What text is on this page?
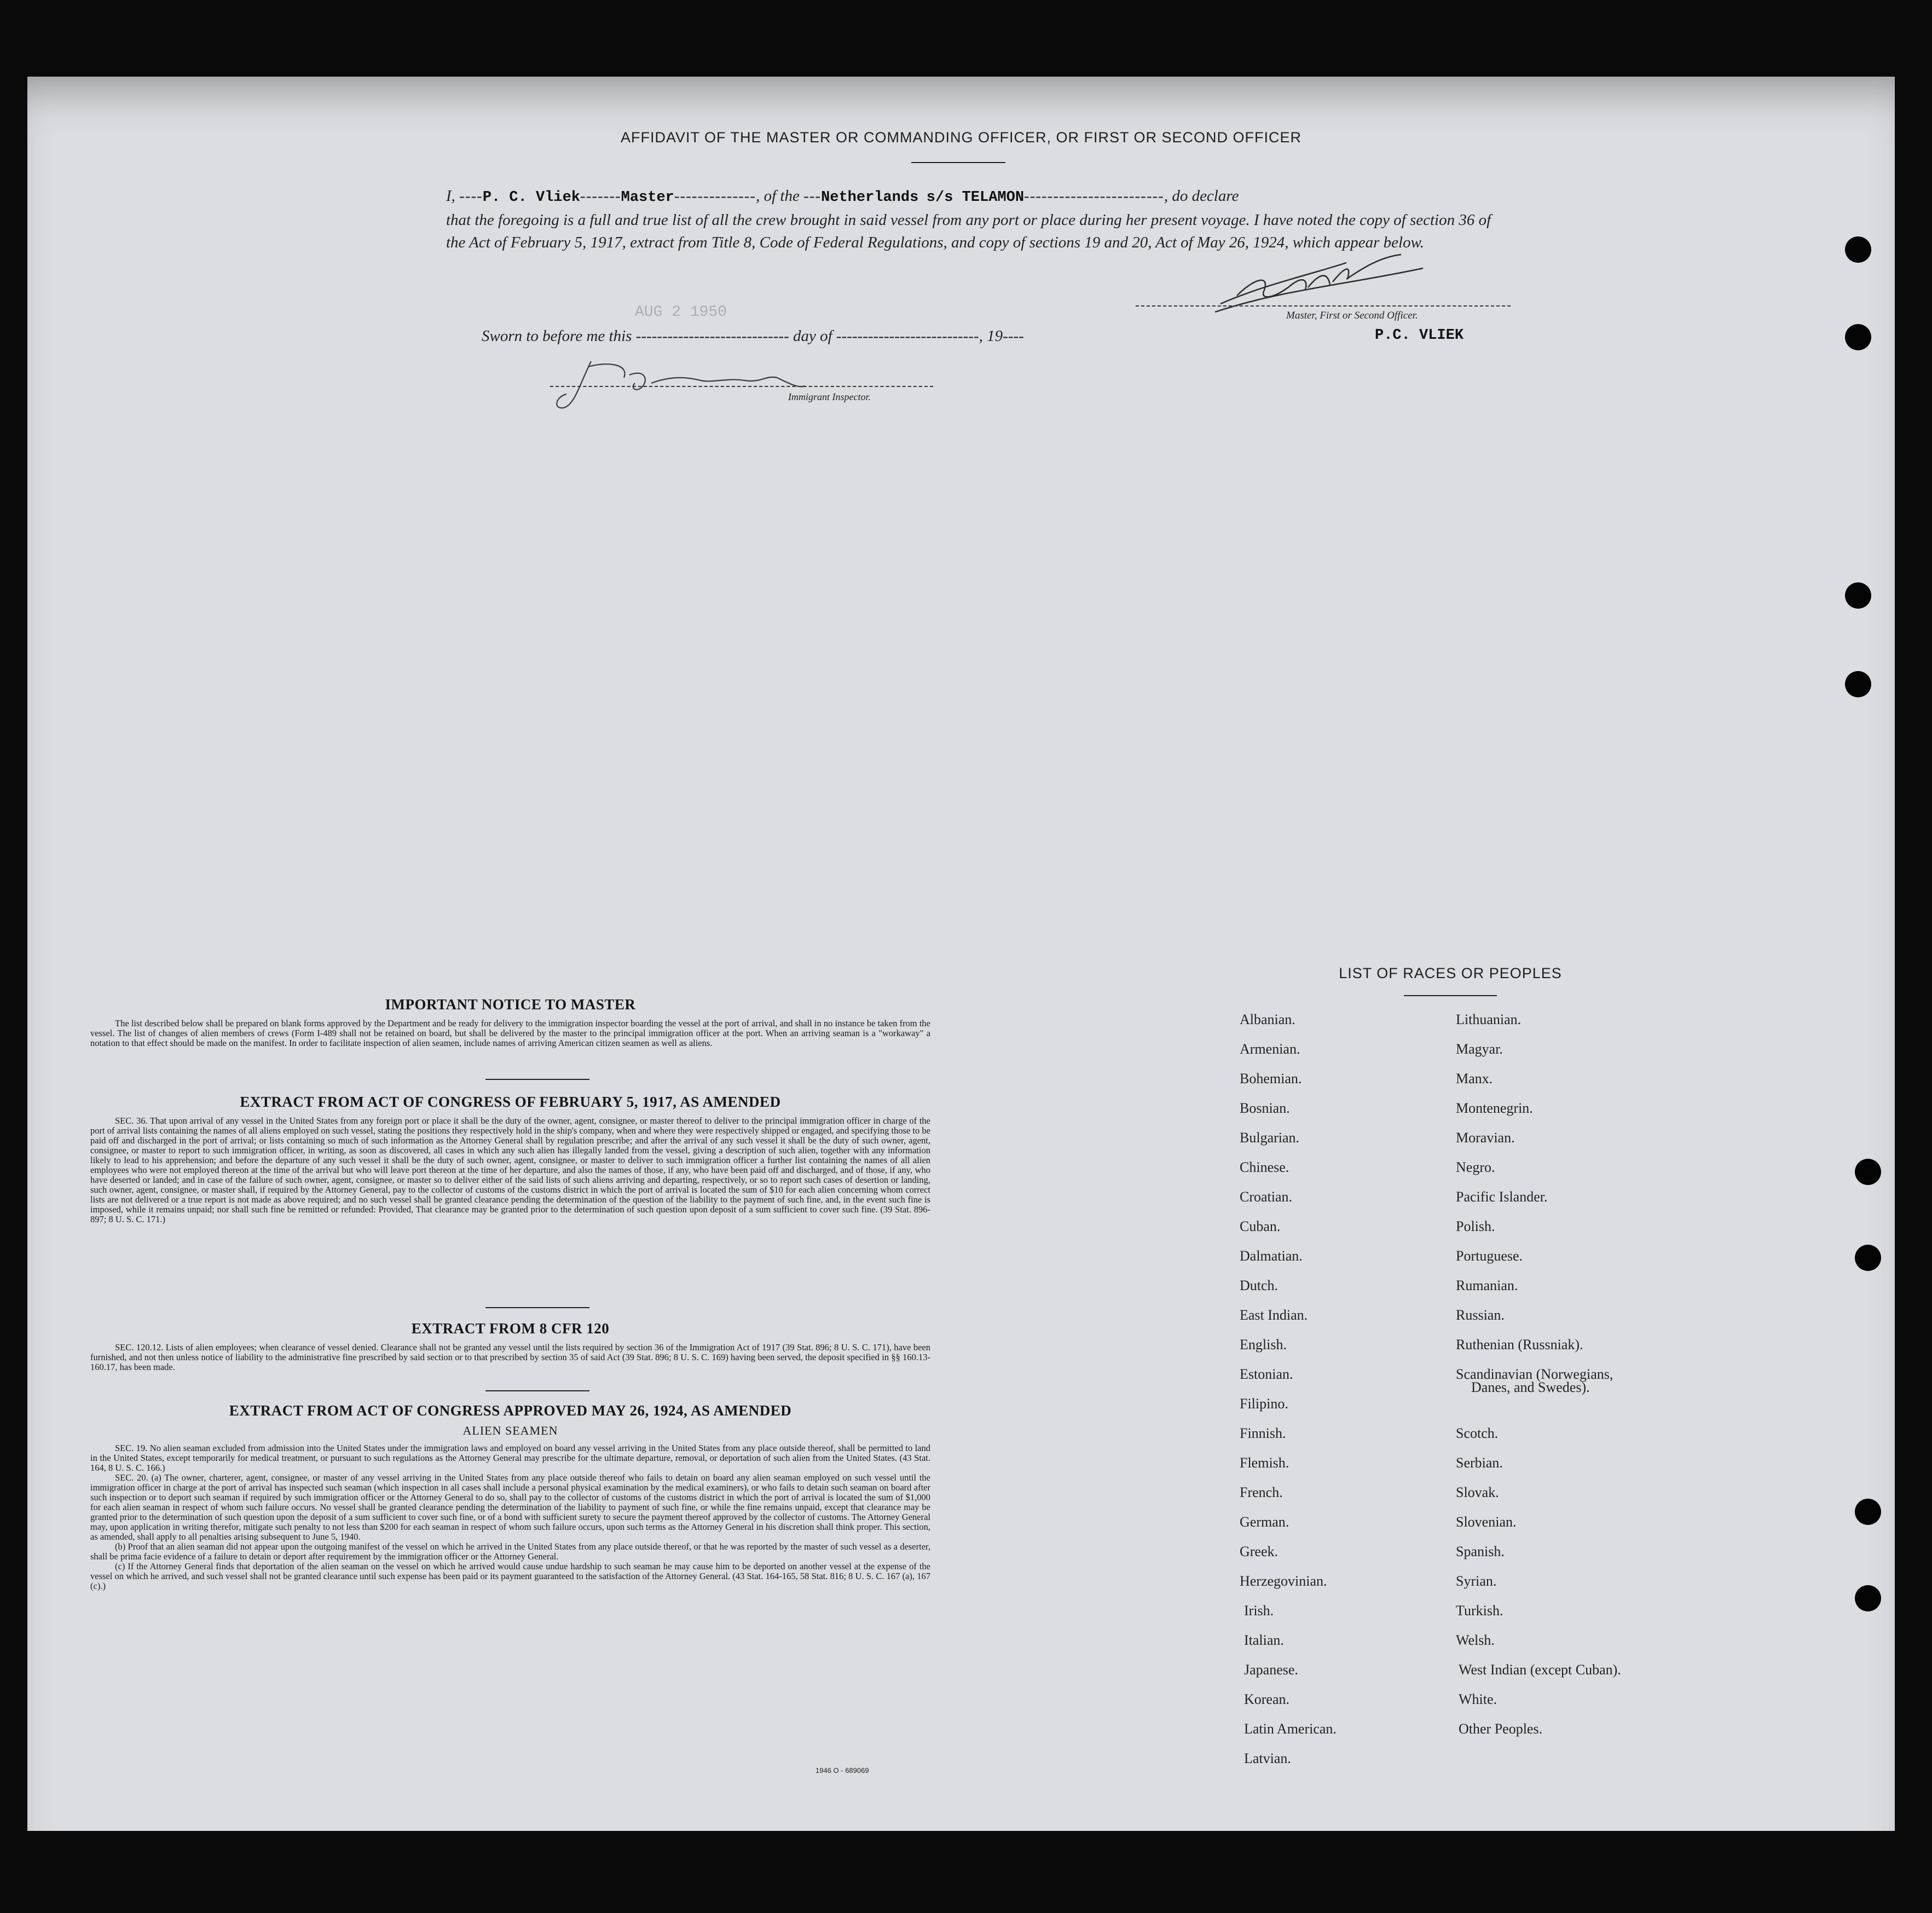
AFFIDAVIT OF THE MASTER OR COMMANDING OFFICER, OR FIRST OR SECOND OFFICER
I, ----P. C. Vliek-------Master--------------, of the ---Netherlands s/s TELAMON------------------------, do declare
that the foregoing is a full and true list of all the crew brought in said vessel from any port or place during her present voyage. I have noted the copy of section 36 of the Act of February 5, 1917, extract from Title 8, Code of Federal Regulations, and copy of sections 19 and 20, Act of May 26, 1924, which appear below.
AUG 2 1950
Sworn to before me this ----------------------------- day of ---------------------------, 19----
Master, First or Second Officer.
P.C. VLIEK
Immigrant Inspector.

IMPORTANT NOTICE TO MASTER

The list described below shall be prepared on blank forms approved by the Department and be ready for delivery to the immigration inspector boarding the vessel at the port of arrival, and shall in no instance be taken from the vessel. The list of changes of alien members of crews (Form I-489 shall not be retained on board, but shall be delivered by the master to the principal immigration officer at the port. When an arriving seaman is a "workaway" a notation to that effect should be made on the manifest. In order to facilitate inspection of alien seamen, include names of arriving American citizen seamen as well as aliens.

EXTRACT FROM ACT OF CONGRESS OF FEBRUARY 5, 1917, AS AMENDED

SEC. 36. That upon arrival of any vessel in the United States from any foreign port or place it shall be the duty of the owner, agent, consignee, or master thereof to deliver to the principal immigration officer in charge of the port of arrival lists containing the names of all aliens employed on such vessel, stating the positions they respectively hold in the ship's company, when and where they were respectively shipped or engaged, and specifying those to be paid off and discharged in the port of arrival; or lists containing so much of such information as the Attorney General shall by regulation prescribe; and after the arrival of any such vessel it shall be the duty of such owner, agent, consignee, or master to report to such immigration officer, in writing, as soon as discovered, all cases in which any such alien has illegally landed from the vessel, giving a description of such alien, together with any information likely to lead to his apprehension; and before the departure of any such vessel it shall be the duty of such owner, agent, consignee, or master to deliver to such immigration officer a further list containing the names of all alien employees who were not employed thereon at the time of the arrival but who will leave port thereon at the time of her departure, and also the names of those, if any, who have been paid off and discharged, and of those, if any, who have deserted or landed; and in case of the failure of such owner, agent, consignee, or master so to deliver either of the said lists of such aliens arriving and departing, respectively, or so to report such cases of desertion or landing, such owner, agent, consignee, or master shall, if required by the Attorney General, pay to the collector of customs of the customs district in which the port of arrival is located the sum of $10 for each alien concerning whom correct lists are not delivered or a true report is not made as above required; and no such vessel shall be granted clearance pending the determination of the question of the liability to the payment of such fine, and, in the event such fine is imposed, while it remains unpaid; nor shall such fine be remitted or refunded: Provided, That clearance may be granted prior to the determination of such question upon deposit of a sum sufficient to cover such fine. (39 Stat. 896-897; 8 U. S. C. 171.)

EXTRACT FROM 8 CFR 120

SEC. 120.12. Lists of alien employees; when clearance of vessel denied. Clearance shall not be granted any vessel until the lists required by section 36 of the Immigration Act of 1917 (39 Stat. 896; 8 U. S. C. 171), have been furnished, and not then unless notice of liability to the administrative fine prescribed by said section or to that prescribed by section 35 of said Act (39 Stat. 896; 8 U. S. C. 169) having been served, the deposit specified in §§ 160.13-160.17, has been made.

EXTRACT FROM ACT OF CONGRESS APPROVED MAY 26, 1924, AS AMENDED

ALIEN SEAMEN

SEC. 19. No alien seaman excluded from admission into the United States under the immigration laws and employed on board any vessel arriving in the United States from any place outside thereof, shall be permitted to land in the United States, except temporarily for medical treatment, or pursuant to such regulations as the Attorney General may prescribe for the ultimate departure, removal, or deportation of such alien from the United States. (43 Stat. 164, 8 U. S. C. 166.)

SEC. 20. (a) The owner, charterer, agent, consignee, or master of any vessel arriving in the United States from any place outside thereof who fails to detain on board any alien seaman employed on such vessel until the immigration officer in charge at the port of arrival has inspected such seaman (which inspection in all cases shall include a personal physical examination by the medical examiners), or who fails to detain such seaman on board after such inspection or to deport such seaman if required by such immigration officer or the Attorney General to do so, shall pay to the collector of customs of the customs district in which the port of arrival is located the sum of $1,000 for each alien seaman in respect of whom such failure occurs. No vessel shall be granted clearance pending the determination of the liability to payment of such fine, or while the fine remains unpaid, except that clearance may be granted prior to the determination of such question upon the deposit of a sum sufficient to cover such fine, or of a bond with sufficient surety to secure the payment thereof approved by the collector of customs. The Attorney General may, upon application in writing therefor, mitigate such penalty to not less than $200 for each seaman in respect of whom such failure occurs, upon such terms as the Attorney General in his discretion shall think proper. This section, as amended, shall apply to all penalties arising subsequent to June 5, 1940.

(b) Proof that an alien seaman did not appear upon the outgoing manifest of the vessel on which he arrived in the United States from any place outside thereof, or that he was reported by the master of such vessel as a deserter, shall be prima facie evidence of a failure to detain or deport after requirement by the immigration officer or the Attorney General.

(c) If the Attorney General finds that deportation of the alien seaman on the vessel on which he arrived would cause undue hardship to such seaman he may cause him to be deported on another vessel at the expense of the vessel on which he arrived, and such vessel shall not be granted clearance until such expense has been paid or its payment guaranteed to the satisfaction of the Attorney General. (43 Stat. 164-165, 58 Stat. 816; 8 U. S. C. 167 (a), 167 (c).)

1946 O - 689069
LIST OF RACES OR PEOPLES
Albanian.
Armenian.
Bohemian.
Bosnian.
Bulgarian.
Chinese.
Croatian.
Cuban.
Dalmatian.
Dutch.
East Indian.
English.
Estonian.
Filipino.
Finnish.
Flemish.
French.
German.
Greek.
Herzegovinian.
Irish.
Italian.
Japanese.
Korean.
Latin American.
Latvian.
Lithuanian.
Magyar.
Manx.
Montenegrin.
Moravian.
Negro.
Pacific Islander.
Polish.
Portuguese.
Rumanian.
Russian.
Ruthenian (Russniak).
Scandinavian (Norwegians,
Danes, and Swedes).
Scotch.
Serbian.
Slovak.
Slovenian.
Spanish.
Syrian.
Turkish.
Welsh.
West Indian (except Cuban).
White.
Other Peoples.
